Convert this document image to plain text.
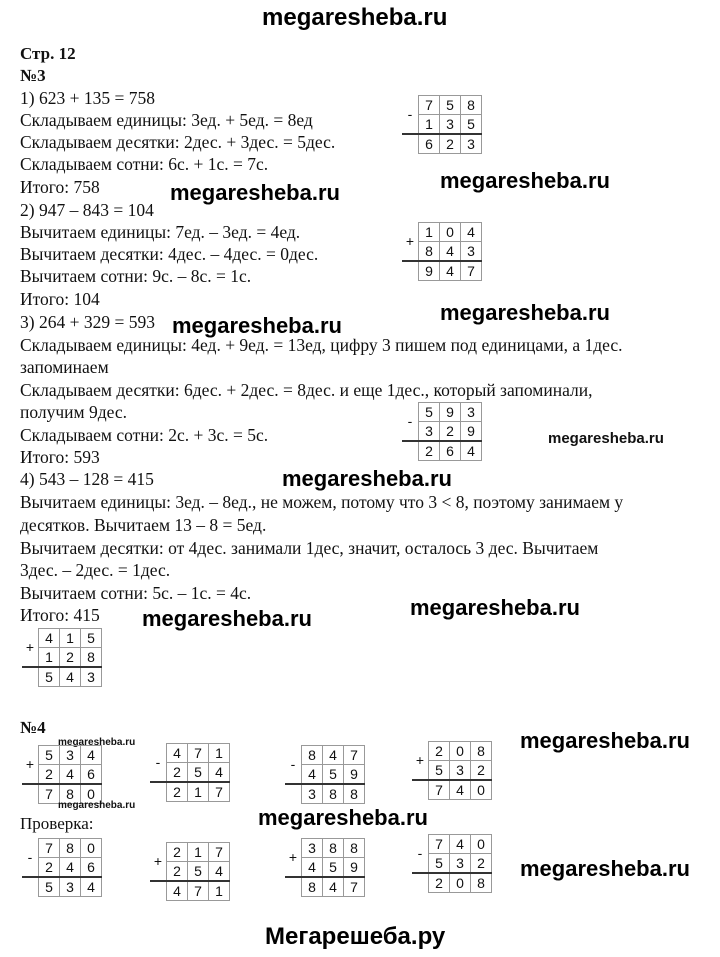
megaresheba.ru
Стр. 12
№3
1) 623 + 135 = 758
Складываем единицы: 3ед. + 5ед. = 8ед
Складываем десятки: 2дес. + 3дес. = 5дес.
Складываем сотни: 6с. + 1с. = 7с.
Итого: 758
2) 947 – 843 = 104
Вычитаем единицы: 7ед. – 3ед. = 4ед.
Вычитаем десятки: 4дес. – 4дес. = 0дес.
Вычитаем сотни: 9с. – 8с. = 1с.
Итого: 104
3) 264 + 329 = 593
Складываем единицы: 4ед. + 9ед. = 13ед, цифру 3 пишем под единицами, а 1дес.
запоминаем
Складываем десятки: 6дес. + 2дес. = 8дес. и еще 1дес., который запоминали,
получим 9дес.
Складываем сотни: 2с. + 3с. = 5с.
Итого: 593
4) 543 – 128 = 415
Вычитаем единицы: 3ед. – 8ед., не можем, потому что 3 < 8, поэтому занимаем у
десятков. Вычитаем 13 – 8 = 5ед.
Вычитаем десятки: от 4дес. занимали 1дес, значит, осталось 3 дес. Вычитаем
3дес. – 2дес. = 1дес.
Вычитаем сотни: 5с. – 1с. = 4с.
Итого: 415
megaresheba.ru	megaresheba.ru
megaresheba.ru
megaresheba.ru
megaresheba.ru
megaresheba.ru
megaresheba.ru
megaresheba.ru
megaresheba.ru
megaresheba.ru
megaresheba.ru
-	7	5	8
	1	3	5
	6	2	3
+	1	0	4
	8	4	3
	9	4	7
-	5	9	3
	3	2	9
	2	6	4
+	4	1	5
	1	2	8
	5	4	3
№4
megaresheba.ru
+	5	3	4
	2	4	6
	7	8	0
-	4	7	1
	2	5	4
	2	1	7
-	8	4	7
	4	5	9
	3	8	8
+	2	0	8
	5	3	2
	7	4	0
megaresheba.ru
Проверка:
-	7	8	0
	2	4	6
	5	3	4
+	2	1	7
	2	5	4
	4	7	1
+	3	8	8
	4	5	9
	8	4	7
-	7	4	0
	5	3	2
	2	0	8
Мегарешеба.ру
